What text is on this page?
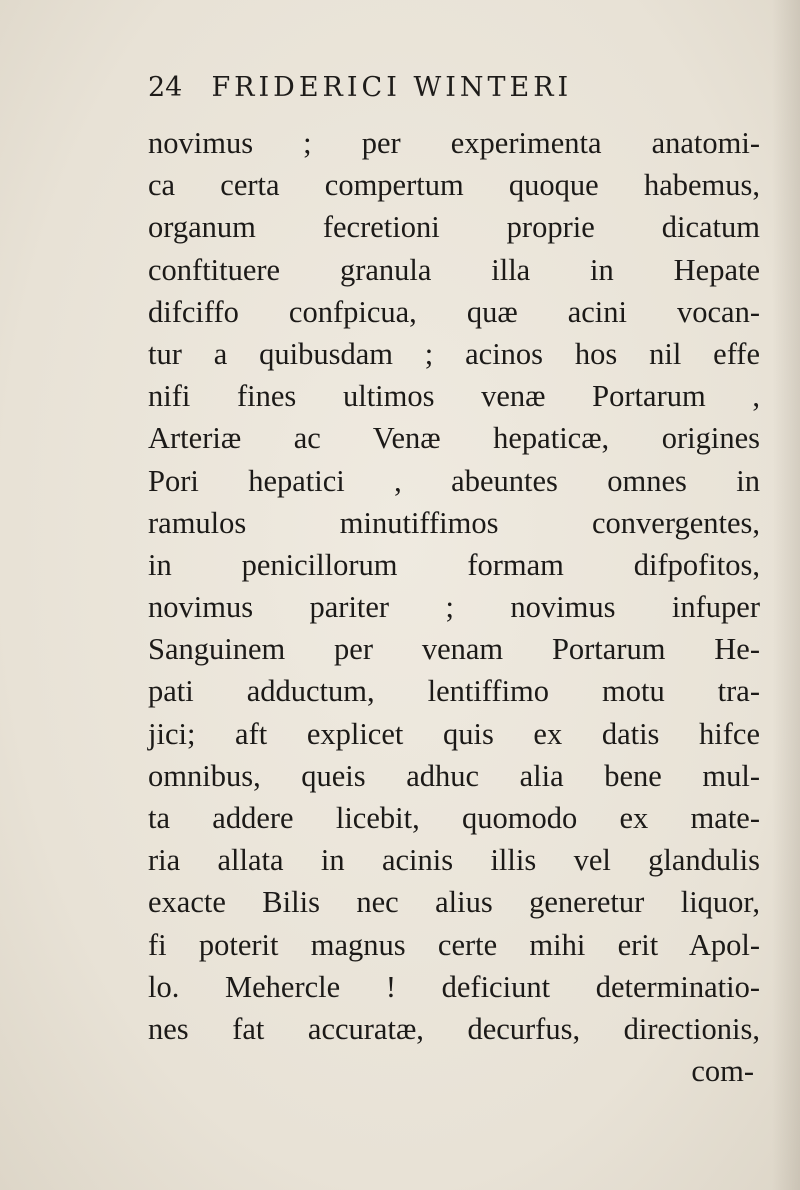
24 FRIDERICI WINTERI
novimus ; per experimenta anatomi-
ca certa compertum quoque habemus,
organum fecretioni proprie dicatum
conftituere granula illa in Hepate
difciffo confpicua, quæ acini vocan-
tur a quibusdam ; acinos hos nil effe
nifi fines ultimos venæ Portarum ,
Arteriæ ac Venæ hepaticæ, origines
Pori hepatici , abeuntes omnes in
ramulos minutiffimos convergentes,
in penicillorum formam difpofitos,
novimus pariter ; novimus infuper
Sanguinem per venam Portarum He-
pati adductum, lentiffimo motu tra-
jici; aft explicet quis ex datis hifce
omnibus, queis adhuc alia bene mul-
ta addere licebit, quomodo ex mate-
ria allata in acinis illis vel glandulis
exacte Bilis nec alius generetur liquor,
fi poterit magnus certe mihi erit Apol-
lo. Mehercle ! deficiunt determinatio-
nes fat accuratæ, decurfus, directionis,
com-
